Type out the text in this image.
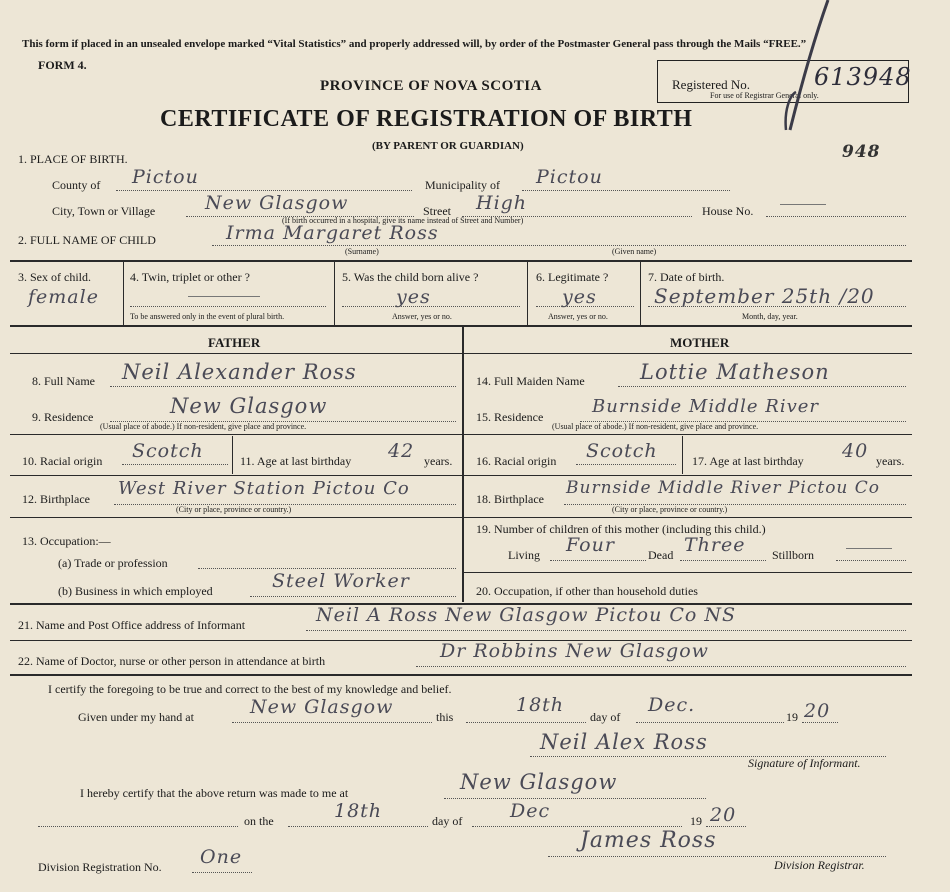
This form if placed in an unsealed envelope marked “Vital Statistics” and properly addressed will, by order of the Postmaster General pass through the Mails “FREE.”
FORM 4.
PROVINCE OF NOVA SCOTIA
CERTIFICATE OF REGISTRATION OF BIRTH
(BY PARENT OR GUARDIAN)
Registered No.	613948
For use of Registrar General only.
948
1. PLACE OF BIRTH.
County of Pictou	Municipality of Pictou
City, Town or Village	New Glasgow	Street High	House No.
(If birth occurred in a hospital, give its name instead of Street and Number)
2. FULL NAME OF CHILD	Irma Margaret Ross
(Surname)	(Given name)
3. Sex of child.
female
4. Twin, triplet or other ?
To be answered only in the event of plural birth.
5. Was the child born alive ?
yes
Answer, yes or no.
6. Legitimate ?
yes
Answer, yes or no.
7. Date of birth.
September 25th /20
Month, day, year.
FATHER	MOTHER
8. Full Name Neil Alexander Ross
9. Residence	New Glasgow
(Usual place of abode.) If non-resident, give place and province.
10. Racial origin Scotch	11. Age at last birthday 42 years.
12. Birthplace West River Station Pictou Co
(City or place, province or country.)
13. Occupation:—
(a) Trade or profession
(b) Business in which employed	Steel Worker
14. Full Maiden Name	Lottie Matheson
15. Residence	Burnside Middle River
(Usual place of abode.) If non-resident, give place and province.
16. Racial origin Scotch	17. Age at last birthday 40 years.
18. Birthplace
Burnside Middle River Pictou Co
(City or place, province or country.)
19. Number of children of this mother (including this child.)
Living Four	Dead Three Stillborn
20. Occupation, if other than household duties
21. Name and Post Office address of Informant	Neil A Ross New Glasgow Pictou Co NS
22. Name of Doctor, nurse or other person in attendance at birth	Dr Robbins New Glasgow
I certify the foregoing to be true and correct to the best of my knowledge and belief.
Given under my hand at	New Glasgow	this
18th
day of
Dec.
19 20
Neil Alex Ross
Signature of Informant.
I hereby certify that the above return was made to me at	New Glasgow
on the	18th	day of	Dec	19 20
Division Registration No. One
James Ross
Division Registrar.
